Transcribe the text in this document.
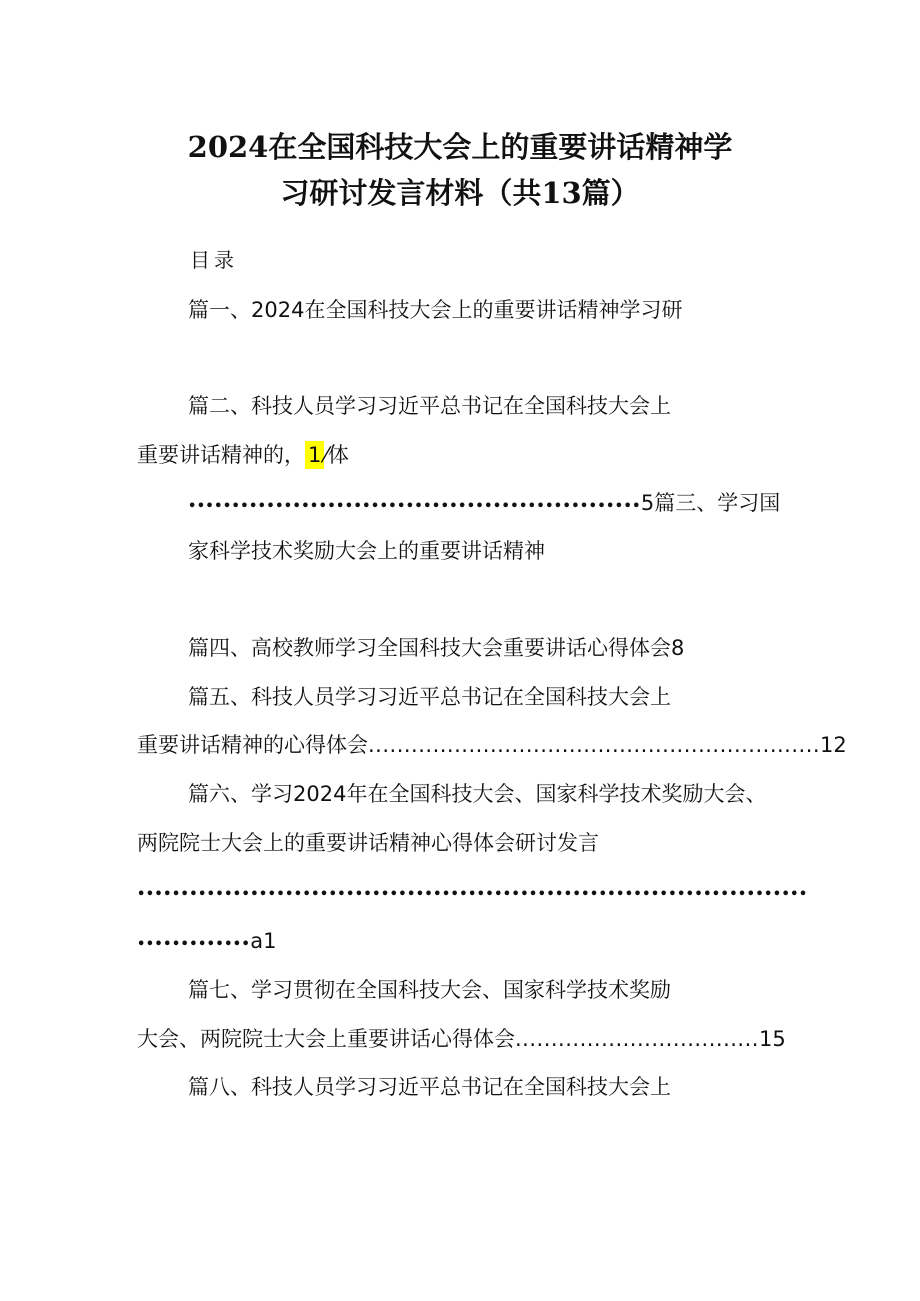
2024在全国科技大会上的重要讲话精神学
习研讨发言材料（共13篇）
目录
篇一、2024在全国科技大会上的重要讲话精神学习研
篇二、科技人员学习习近平总书记在全国科技大会上
重要讲话精神的， 1 ⁄体
••••••••••••••••••••••••••••••••••••••••••••••••••••5篇三、学习国
家科学技术奖励大会上的重要讲话精神
篇四、高校教师学习全国科技大会重要讲话心得体会8
篇五、科技人员学习习近平总书记在全国科技大会上
重要讲话精神的心得体会...............................................................12
篇六、学习2024年在全国科技大会、国家科学技术奖励大会、
两院院士大会上的重要讲话精神心得体会研讨发言
•••••••••••••••••••••••••••••••••••••••••••••••••••••••••••••••••••••••••••••
•••••••••••••a1
篇七、学习贯彻在全国科技大会、国家科学技术奖励
大会、两院院士大会上重要讲话心得体会..................................15
篇八、科技人员学习习近平总书记在全国科技大会上
